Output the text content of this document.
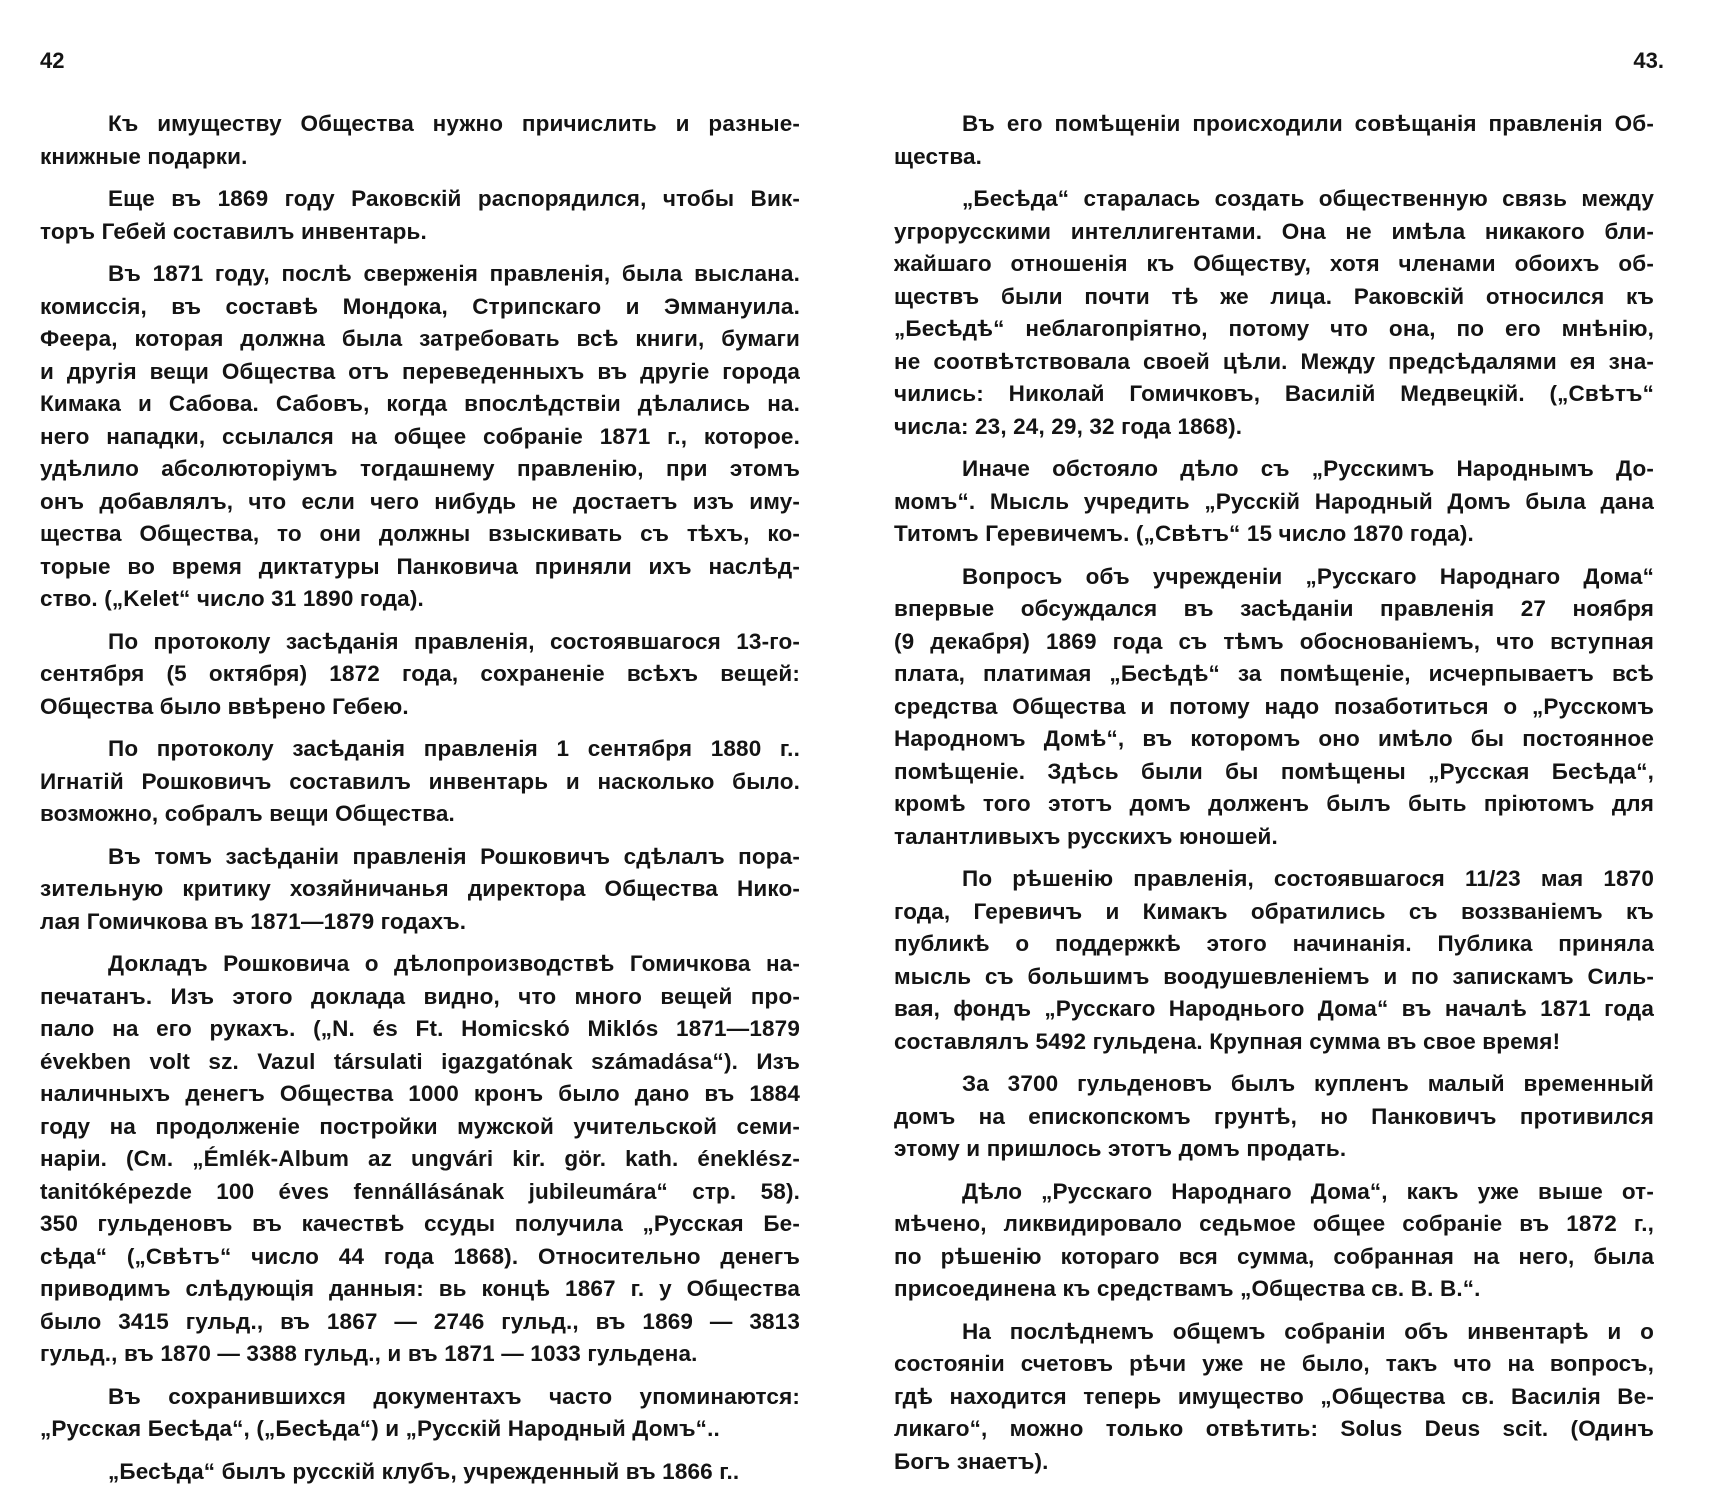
42
Къ имуществу Общества нужно причислить и разные-
книжные подарки.
Еще въ 1869 году Раковскій распорядился, чтобы Вик-
торъ Гебей составилъ инвентарь.
Въ 1871 году, послѣ сверженія правленія, была выслана.
комиссія, въ составѣ Мондока, Стрипскаго и Эммануила.
Феера, которая должна была затребовать всѣ книги, бумаги
и другія вещи Общества отъ переведенныхъ въ другіе города
Кимака и Сабова. Сабовъ, когда впослѣдствіи дѣлались на.
него нападки, ссылался на общее собраніе 1871 г., которое.
удѣлило абсолюторіумъ тогдашнему правленію, при этомъ
онъ добавлялъ, что если чего нибудь не достаетъ изъ иму-
щества Общества, то они должны взыскивать съ тѣхъ, ко-
торые во время диктатуры Панковича приняли ихъ наслѣд-
ство. („Kelet“ число 31 1890 года).
По протоколу засѣданія правленія, состоявшагося 13-го-
сентября (5 октября) 1872 года, сохраненіе всѣхъ вещей:
Общества было ввѣрено Гебею.
По протоколу засѣданія правленія 1 сентября 1880 г..
Игнатій Рошковичъ составилъ инвентарь и насколько было.
возможно, собралъ вещи Общества.
Въ томъ засѣданіи правленія Рошковичъ сдѣлалъ пора-
зительную критику хозяйничанья директора Общества Нико-
лая Гомичкова въ 1871—1879 годахъ.
Докладъ Рошковича о дѣлопроизводствѣ Гомичкова на-
печатанъ. Изъ этого доклада видно, что много вещей про-
пало на его рукахъ. („N. és Ft. Homicskó Miklós 1871—1879
években volt sz. Vazul társulati igazgatónak számadása“). Изъ
наличныхъ денегъ Общества 1000 кронъ было дано въ 1884
году на продолженіе постройки мужской учительской семи-
наріи. (См. „Émlék-Album az ungvári kir. gör. kath. éneklész-
tanitóképezde 100 éves fennállásának jubileumára“ стр. 58).
350 гульденовъ въ качествѣ ссуды получила „Русская Бе-
сѣда“ („Свѣтъ“ число 44 года 1868). Относительно денегъ
приводимъ слѣдующія данныя: вь концѣ 1867 г. у Общества
было 3415 гульд., въ 1867 — 2746 гульд., въ 1869 — 3813
гульд., въ 1870 — 3388 гульд., и въ 1871 — 1033 гульдена.
Въ сохранившихся документахъ часто упоминаются:
„Русская Бесѣда“, („Бесѣда“) и „Русскій Народный Домъ“..
„Бесѣда“ былъ русскій клубъ, учрежденный въ 1866 г..
43.
Въ его помѣщеніи происходили совѣщанія правленія Об-
щества.
„Бесѣда“ старалась создать общественную связь между
угрорусскими интеллигентами. Она не имѣла никакого бли-
жайшаго отношенія къ Обществу, хотя членами обоихъ об-
ществъ были почти тѣ же лица. Раковскій относился къ
„Бесѣдѣ“ неблагопріятно, потому что она, по его мнѣнію,
не соотвѣтствовала своей цѣли. Между предсѣдалями ея зна-
чились: Николай Гомичковъ, Василій Медвецкій. („Свѣтъ“
числа: 23, 24, 29, 32 года 1868).
Иначе обстояло дѣло съ „Русскимъ Народнымъ До-
момъ“. Мысль учредить „Русскій Народный Домъ была дана
Титомъ Геревичемъ. („Свѣтъ“ 15 число 1870 года).
Вопросъ объ учрежденіи „Русскаго Народнаго Дома“
впервые обсуждался въ засѣданіи правленія 27 ноября
(9 декабря) 1869 года съ тѣмъ обоснованіемъ, что вступная
плата, платимая „Бесѣдѣ“ за помѣщеніе, исчерпываетъ всѣ
средства Общества и потому надо позаботиться о „Русскомъ
Народномъ Домѣ“, въ которомъ оно имѣло бы постоянное
помѣщеніе. Здѣсь были бы помѣщены „Русская Бесѣда“,
кромѣ того этотъ домъ долженъ былъ быть пріютомъ для
талантливыхъ русскихъ юношей.
По рѣшенію правленія, состоявшагося 11/23 мая 1870
года, Геревичъ и Кимакъ обратились съ воззваніемъ къ
публикѣ о поддержкѣ этого начинанія. Публика приняла
мысль съ большимъ воодушевленіемъ и по запискамъ Силь-
вая, фондъ „Русскаго Народнього Дома“ въ началѣ 1871 года
составлялъ 5492 гульдена. Крупная сумма въ свое время!
За 3700 гульденовъ былъ купленъ малый временный
домъ на епископскомъ грунтѣ, но Панковичъ противился
этому и пришлось этотъ домъ продать.
Дѣло „Русскаго Народнаго Дома“, какъ уже выше от-
мѣчено, ликвидировало седьмое общее собраніе въ 1872 г.,
по рѣшенію котораго вся сумма, собранная на него, была
присоединена къ средствамъ „Общества св. В. В.“.
На послѣднемъ общемъ собраніи объ инвентарѣ и о
состояніи счетовъ рѣчи уже не было, такъ что на вопросъ,
гдѣ находится теперь имущество „Общества св. Василія Ве-
ликаго“, можно только отвѣтить: Solus Deus scit. (Одинъ
Богъ знаетъ).
